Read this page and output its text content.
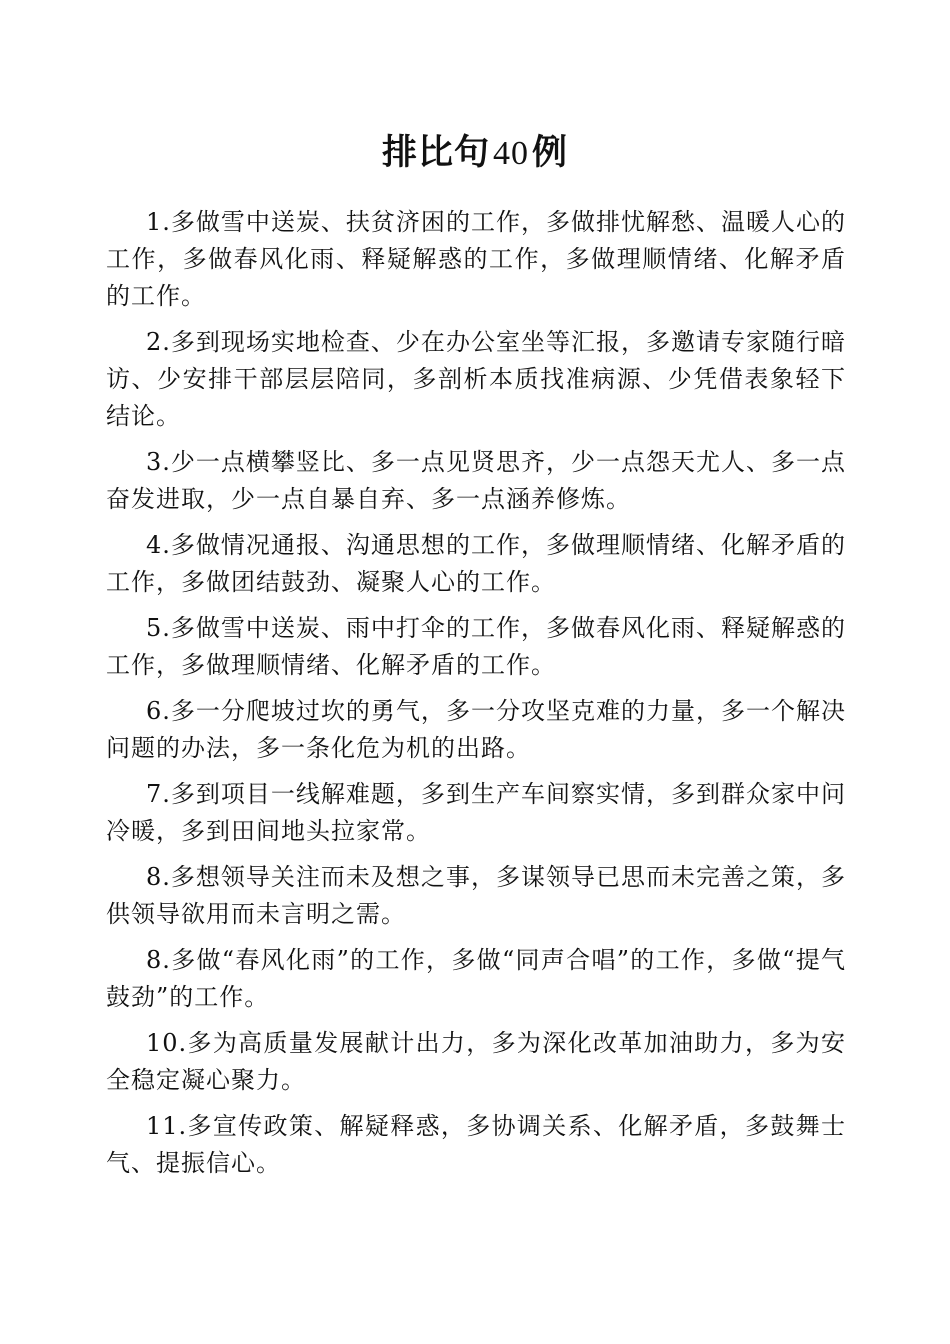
排比句40例

1.多做雪中送炭、扶贫济困的工作，多做排忧解愁、温暖人心的工作，多做春风化雨、释疑解惑的工作，多做理顺情绪、化解矛盾的工作。

2.多到现场实地检查、少在办公室坐等汇报，多邀请专家随行暗访、少安排干部层层陪同，多剖析本质找准病源、少凭借表象轻下结论。

3.少一点横攀竖比、多一点见贤思齐，少一点怨天尤人、多一点奋发进取，少一点自暴自弃、多一点涵养修炼。

4.多做情况通报、沟通思想的工作，多做理顺情绪、化解矛盾的工作，多做团结鼓劲、凝聚人心的工作。

5.多做雪中送炭、雨中打伞的工作，多做春风化雨、释疑解惑的工作，多做理顺情绪、化解矛盾的工作。

6.多一分爬坡过坎的勇气，多一分攻坚克难的力量，多一个解决问题的办法，多一条化危为机的出路。

7.多到项目一线解难题，多到生产车间察实情，多到群众家中问冷暖，多到田间地头拉家常。

8.多想领导关注而未及想之事，多谋领导已思而未完善之策，多供领导欲用而未言明之需。

8.多做“春风化雨”的工作，多做“同声合唱”的工作，多做“提气鼓劲”的工作。

10.多为高质量发展献计出力，多为深化改革加油助力，多为安全稳定凝心聚力。

11.多宣传政策、解疑释惑，多协调关系、化解矛盾，多鼓舞士气、提振信心。
